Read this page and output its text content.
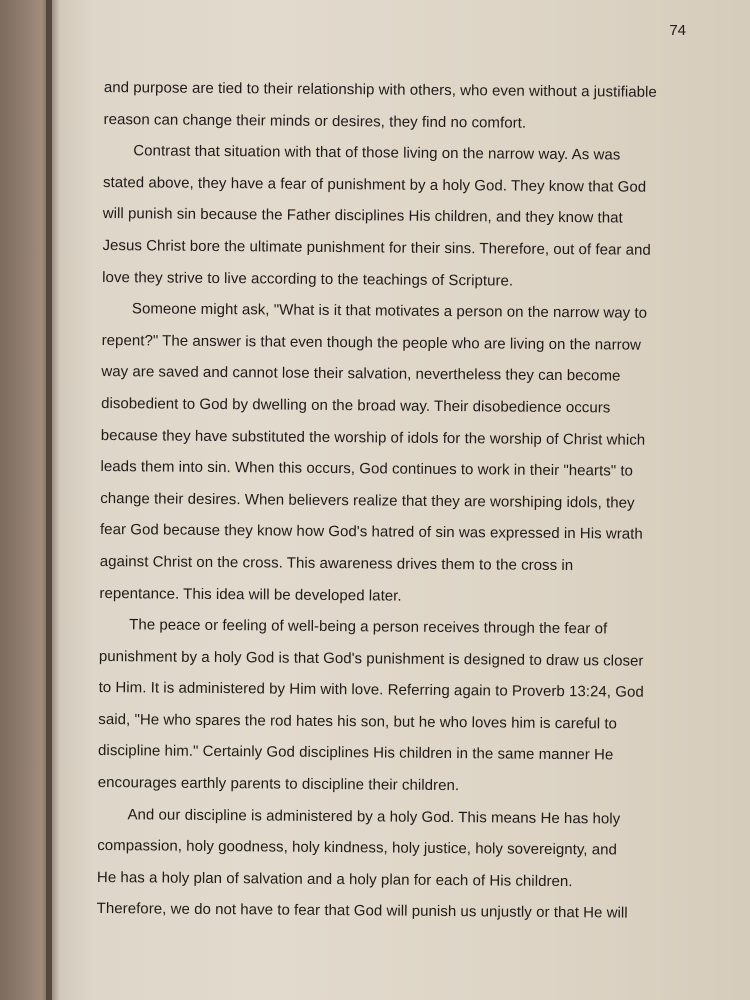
74
and purpose are tied to their relationship with others, who even without a justifiable
reason can change their minds or desires, they find no comfort.
Contrast that situation with that of those living on the narrow way. As was
stated above, they have a fear of punishment by a holy God. They know that God
will punish sin because the Father disciplines His children, and they know that
Jesus Christ bore the ultimate punishment for their sins. Therefore, out of fear and
love they strive to live according to the teachings of Scripture.
Someone might ask, "What is it that motivates a person on the narrow way to
repent?" The answer is that even though the people who are living on the narrow
way are saved and cannot lose their salvation, nevertheless they can become
disobedient to God by dwelling on the broad way. Their disobedience occurs
because they have substituted the worship of idols for the worship of Christ which
leads them into sin. When this occurs, God continues to work in their "hearts" to
change their desires. When believers realize that they are worshiping idols, they
fear God because they know how God's hatred of sin was expressed in His wrath
against Christ on the cross. This awareness drives them to the cross in
repentance. This idea will be developed later.
The peace or feeling of well-being a person receives through the fear of
punishment by a holy God is that God's punishment is designed to draw us closer
to Him. It is administered by Him with love. Referring again to Proverb 13:24, God
said, "He who spares the rod hates his son, but he who loves him is careful to
discipline him." Certainly God disciplines His children in the same manner He
encourages earthly parents to discipline their children.
And our discipline is administered by a holy God. This means He has holy
compassion, holy goodness, holy kindness, holy justice, holy sovereignty, and
He has a holy plan of salvation and a holy plan for each of His children.
Therefore, we do not have to fear that God will punish us unjustly or that He will
